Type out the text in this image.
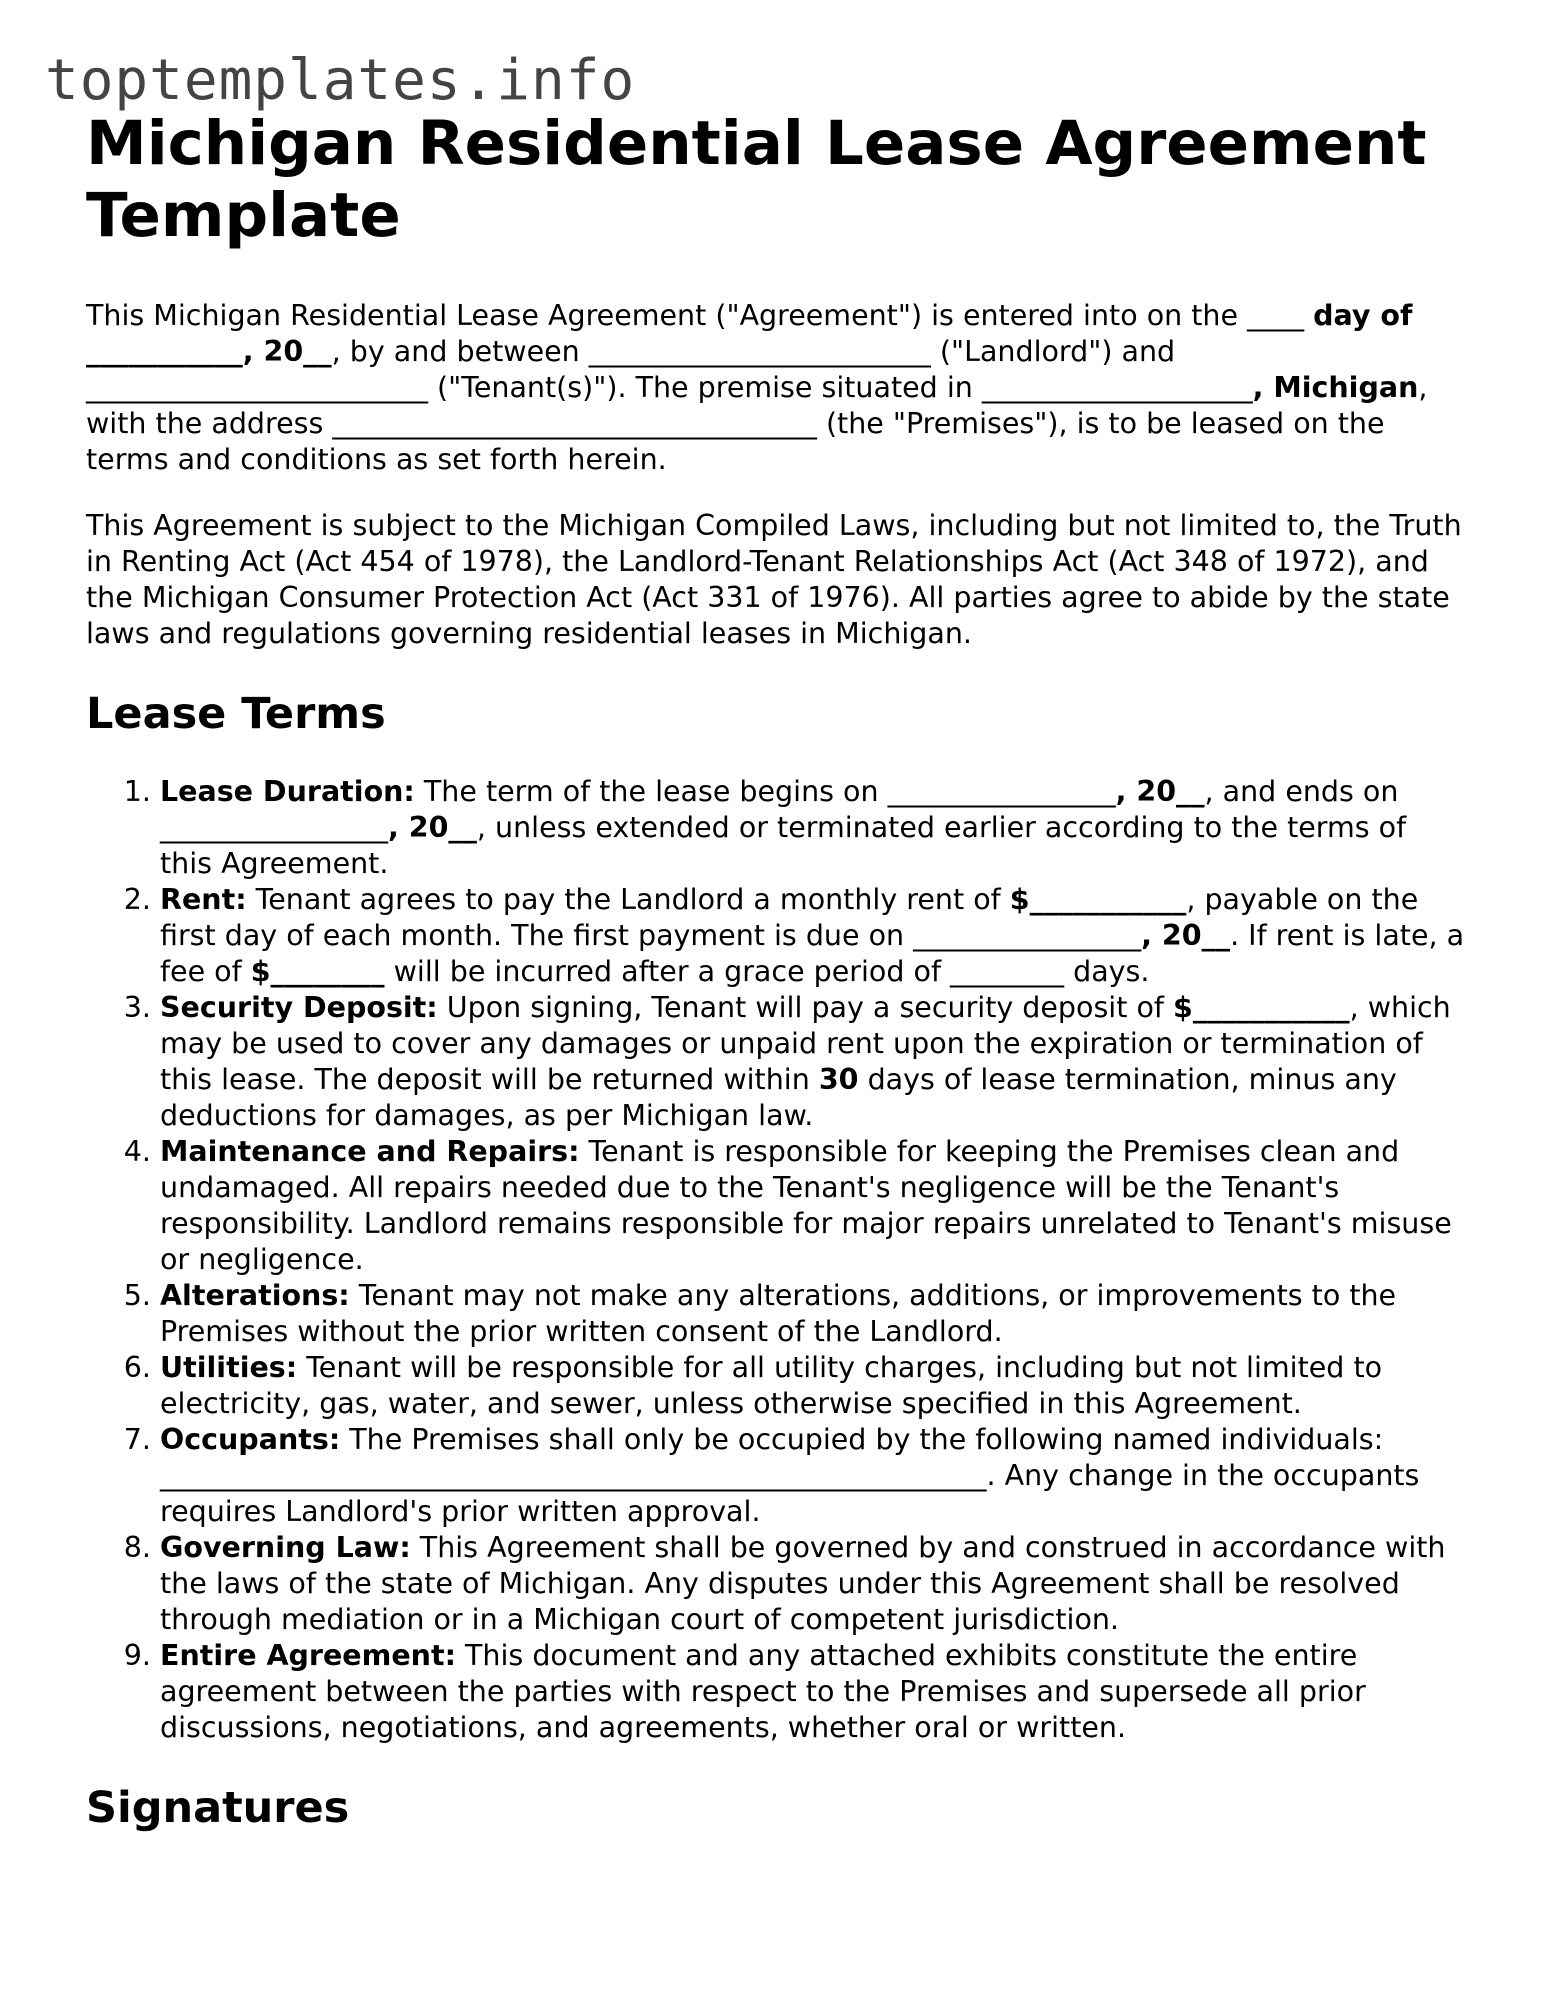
toptemplates.info
Michigan Residential Lease Agreement
Template

This Michigan Residential Lease Agreement ("Agreement") is entered into on the ____ day of ___________, 20__, by and between ________________________ ("Landlord") and ________________________ ("Tenant(s)"). The premise situated in ___________________, Michigan, with the address __________________________________ (the "Premises"), is to be leased on the terms and conditions as set forth herein.

This Agreement is subject to the Michigan Compiled Laws, including but not limited to, the Truth in Renting Act (Act 454 of 1978), the Landlord-Tenant Relationships Act (Act 348 of 1972), and the Michigan Consumer Protection Act (Act 331 of 1976). All parties agree to abide by the state laws and regulations governing residential leases in Michigan.

Lease Terms
1. Lease Duration: The term of the lease begins on ________________, 20__, and ends on ________________, 20__, unless extended or terminated earlier according to the terms of this Agreement.
2. Rent: Tenant agrees to pay the Landlord a monthly rent of $___________, payable on the first day of each month. The first payment is due on ________________, 20__. If rent is late, a fee of $________ will be incurred after a grace period of ________ days.
3. Security Deposit: Upon signing, Tenant will pay a security deposit of $___________, which may be used to cover any damages or unpaid rent upon the expiration or termination of this lease. The deposit will be returned within 30 days of lease termination, minus any deductions for damages, as per Michigan law.
4. Maintenance and Repairs: Tenant is responsible for keeping the Premises clean and undamaged. All repairs needed due to the Tenant's negligence will be the Tenant's responsibility. Landlord remains responsible for major repairs unrelated to Tenant's misuse or negligence.
5. Alterations: Tenant may not make any alterations, additions, or improvements to the Premises without the prior written consent of the Landlord.
6. Utilities: Tenant will be responsible for all utility charges, including but not limited to electricity, gas, water, and sewer, unless otherwise specified in this Agreement.
7. Occupants: The Premises shall only be occupied by the following named individuals: __________________________________________________________. Any change in the occupants requires Landlord's prior written approval.
8. Governing Law: This Agreement shall be governed by and construed in accordance with the laws of the state of Michigan. Any disputes under this Agreement shall be resolved through mediation or in a Michigan court of competent jurisdiction.
9. Entire Agreement: This document and any attached exhibits constitute the entire agreement between the parties with respect to the Premises and supersede all prior discussions, negotiations, and agreements, whether oral or written.
Signatures
